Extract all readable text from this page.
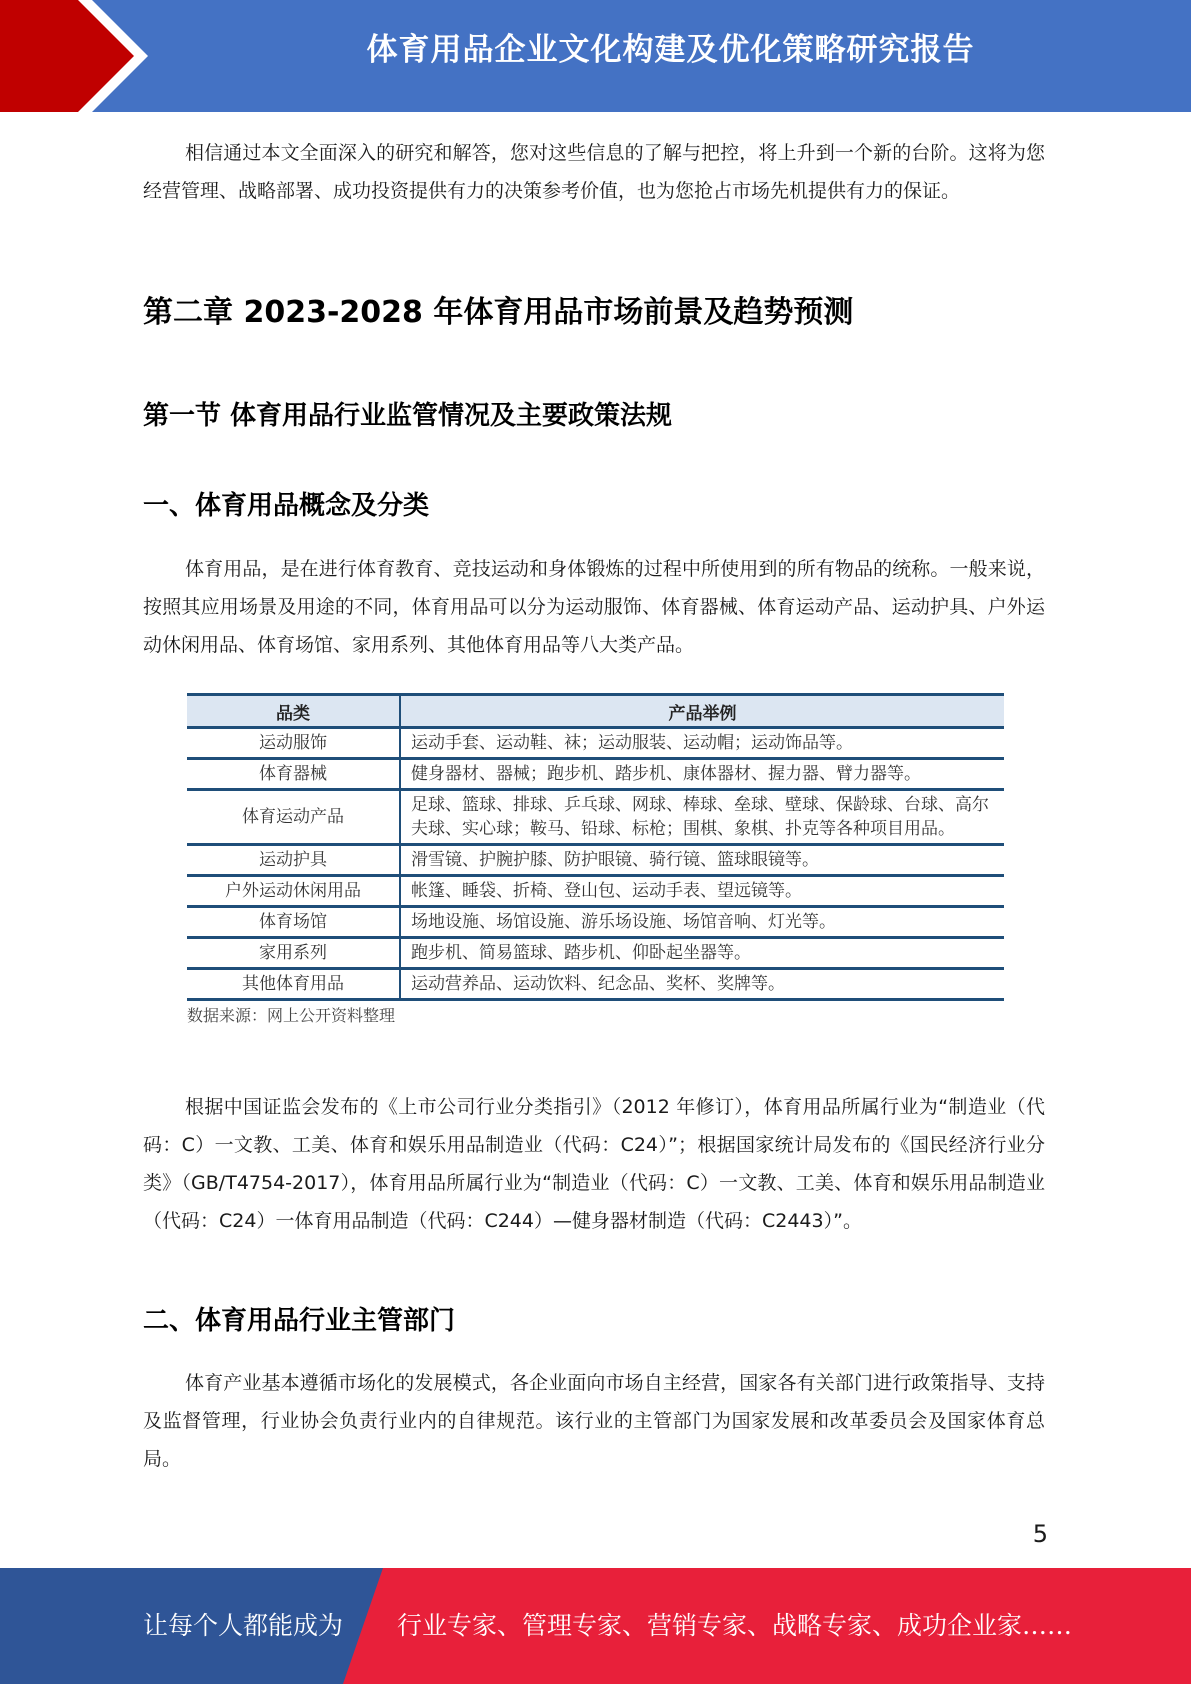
体育用品企业文化构建及优化策略研究报告

相信通过本文全面深入的研究和解答，您对这些信息的了解与把控，将上升到一个新的台阶。这将为您经营管理、战略部署、成功投资提供有力的决策参考价值，也为您抢占市场先机提供有力的保证。

第二章 2023-2028 年体育用品市场前景及趋势预测
第一节 体育用品行业监管情况及主要政策法规
一、体育用品概念及分类

体育用品，是在进行体育教育、竞技运动和身体锻炼的过程中所使用到的所有物品的统称。一般来说，按照其应用场景及用途的不同，体育用品可以分为运动服饰、体育器械、体育运动产品、运动护具、户外运动休闲用品、体育场馆、家用系列、其他体育用品等八大类产品。

品类	产品举例
运动服饰	运动手套、运动鞋、袜；运动服装、运动帽；运动饰品等。
体育器械	健身器材、器械；跑步机、踏步机、康体器材、握力器、臂力器等。
体育运动产品	足球、篮球、排球、乒乓球、网球、棒球、垒球、壁球、保龄球、台球、高尔夫球、实心球；鞍马、铅球、标枪；围棋、象棋、扑克等各种项目用品。
运动护具	滑雪镜、护腕护膝、防护眼镜、骑行镜、篮球眼镜等。
户外运动休闲用品	帐篷、睡袋、折椅、登山包、运动手表、望远镜等。
体育场馆	场地设施、场馆设施、游乐场设施、场馆音响、灯光等。
家用系列	跑步机、简易篮球、踏步机、仰卧起坐器等。
其他体育用品	运动营养品、运动饮料、纪念品、奖杯、奖牌等。
数据来源：网上公开资料整理

根据中国证监会发布的《上市公司行业分类指引》（2012 年修订），体育用品所属行业为“制造业（代码：C）一文教、工美、体育和娱乐用品制造业（代码：C24）”；根据国家统计局发布的《国民经济行业分类》（GB/T4754-2017），体育用品所属行业为“制造业（代码：C）一文教、工美、体育和娱乐用品制造业（代码：C24）一体育用品制造（代码：C244）—健身器材制造（代码：C2443）”。

二、体育用品行业主管部门

体育产业基本遵循市场化的发展模式，各企业面向市场自主经营，国家各有关部门进行政策指导、支持及监督管理，行业协会负责行业内的自律规范。该行业的主管部门为国家发展和改革委员会及国家体育总局。

5
让每个人都能成为 行业专家、管理专家、营销专家、战略专家、成功企业家……
